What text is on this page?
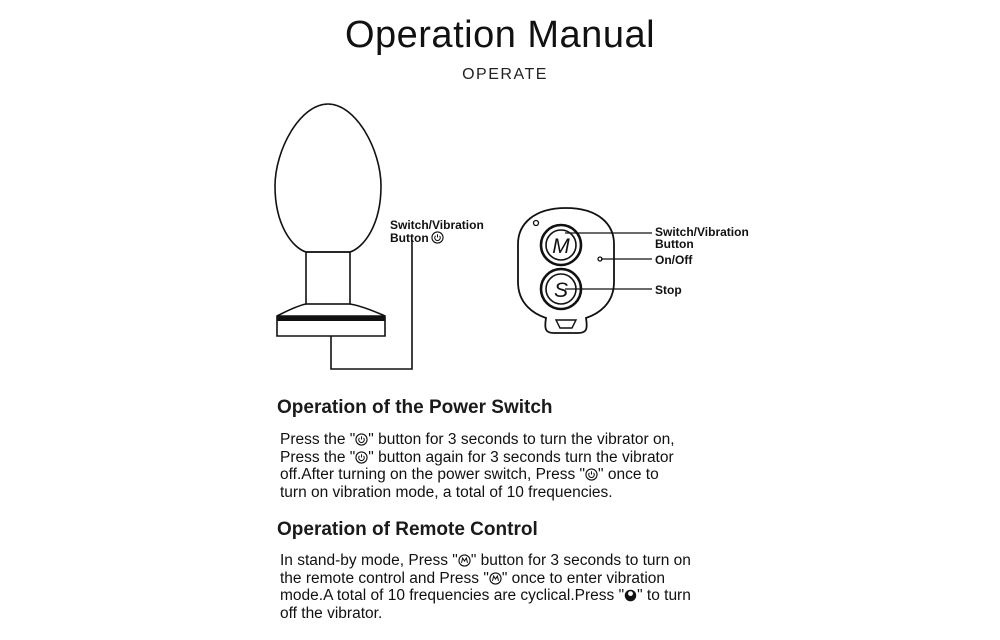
Operation Manual
OPERATE
M
S
Switch/Vibration
Button	Switch/Vibration
Button
On/Off
Stop
Operation of the Power Switch
Press the " " button for 3 seconds to turn the vibrator on,
Press the " " button again for 3 seconds turn the vibrator
off.After turning on the power switch, Press " " once to
turn on vibration mode, a total of 10 frequencies.
Operation of Remote Control
In stand-by mode, Press " " button for 3 seconds to turn on
the remote control and Press " " once to enter vibration
mode.A total of 10 frequencies are cyclical.Press " " to turn
off the vibrator.
